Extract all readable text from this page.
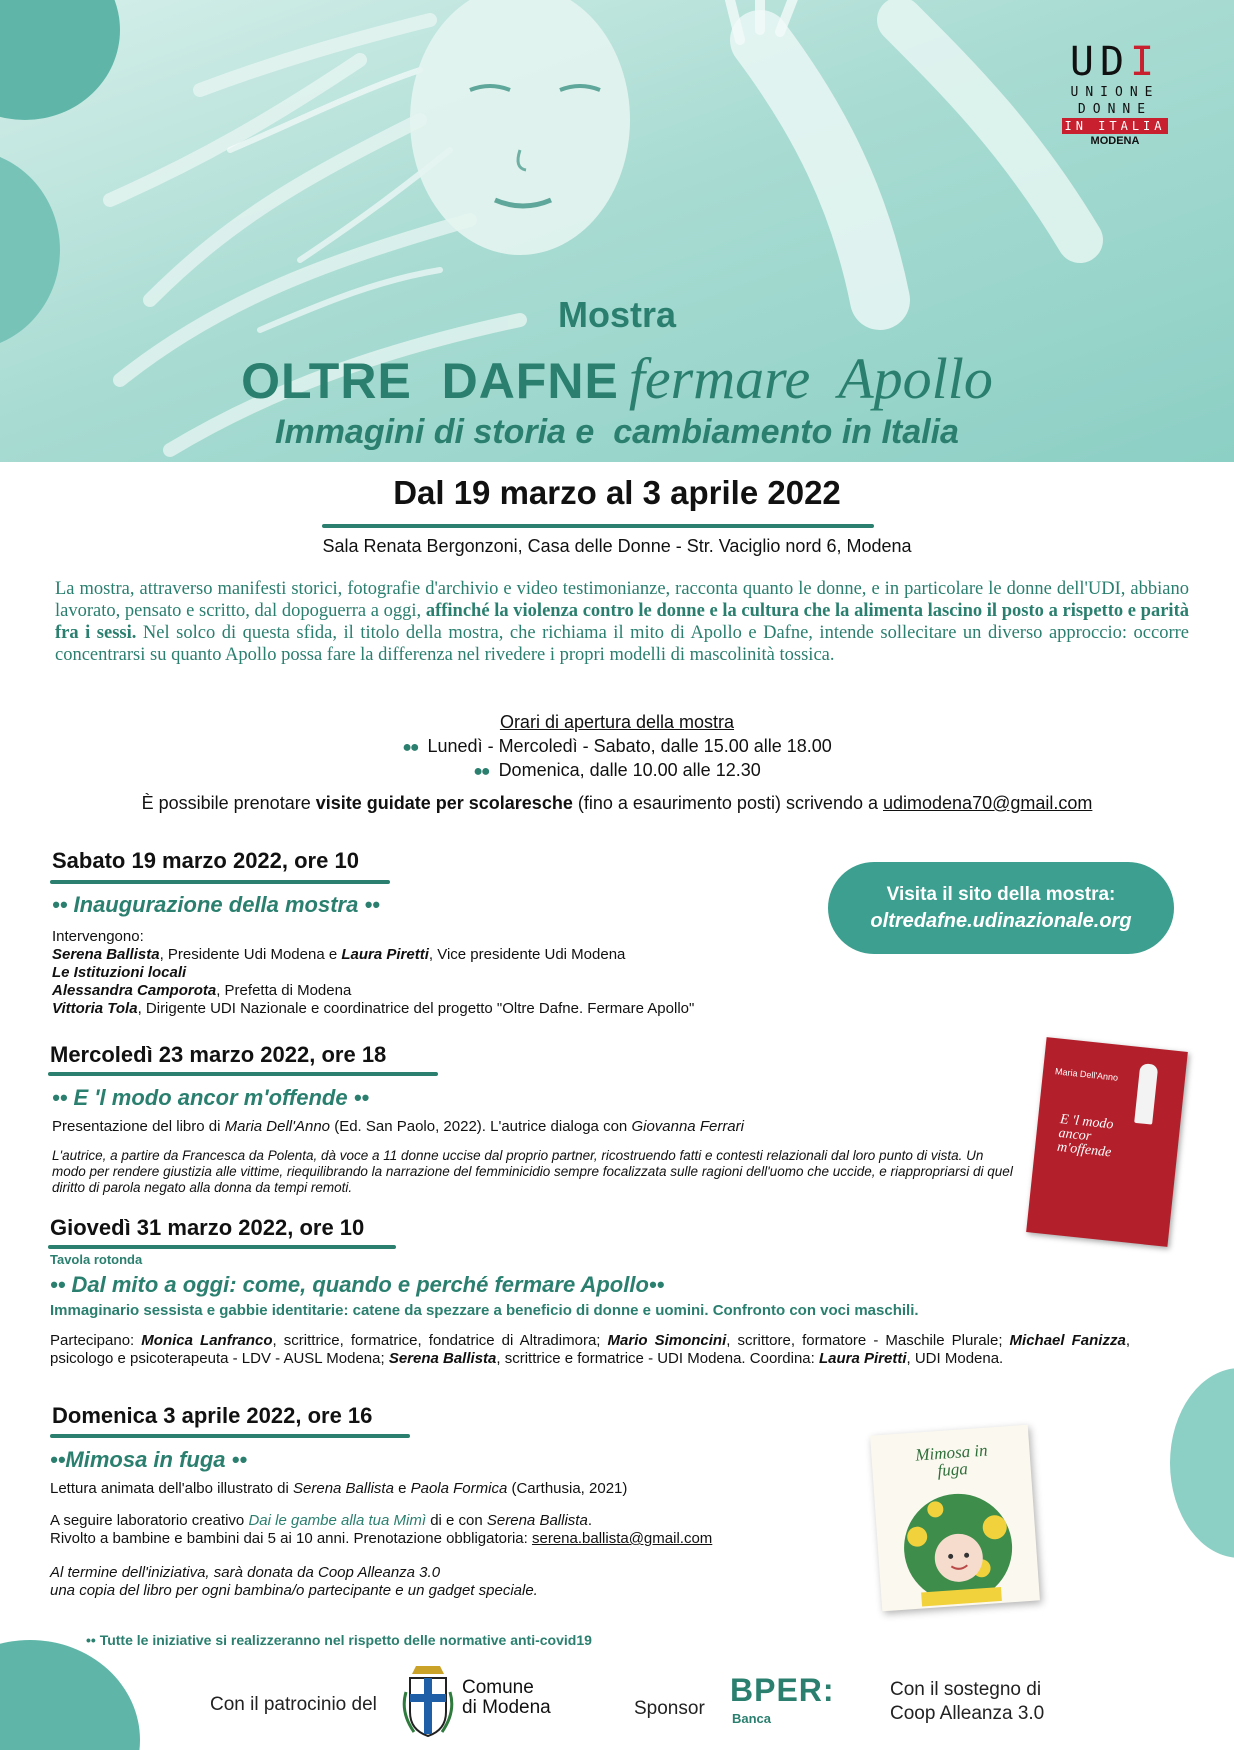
UDI
UNIONE
DONNE
IN ITALIA
MODENA
Mostra
OLTRE  DAFNE fermare  Apollo
Immagini di storia e  cambiamento in Italia
Dal 19 marzo al 3 aprile 2022
Sala Renata Bergonzoni, Casa delle Donne - Str. Vaciglio nord 6, Modena
La mostra, attraverso manifesti storici, fotografie d'archivio e video testimonianze, racconta quanto le donne, e in particolare le donne dell'UDI, abbiano lavorato, pensato e scritto, dal dopoguerra a oggi, affinché la violenza contro le donne e la cultura che la alimenta lascino il posto a rispetto e parità fra i sessi. Nel solco di questa sfida, il titolo della mostra, che richiama il mito di Apollo e Dafne, intende sollecitare un diverso approccio: occorre concentrarsi su quanto Apollo possa fare la differenza nel rivedere i propri modelli di mascolinità tossica.
Orari di apertura della mostra
●● Lunedì - Mercoledì - Sabato, dalle 15.00 alle 18.00
●● Domenica, dalle 10.00 alle 12.30
È possibile prenotare visite guidate per scolaresche (fino a esaurimento posti) scrivendo a udimodena70@gmail.com
Sabato 19 marzo 2022, ore 10
•• Inaugurazione della mostra ••
Intervengono:
Serena Ballista, Presidente Udi Modena e Laura Piretti, Vice presidente Udi Modena
Le Istituzioni locali
Alessandra Camporota, Prefetta di Modena
Vittoria Tola, Dirigente UDI Nazionale e coordinatrice del progetto "Oltre Dafne. Fermare Apollo"
Visita il sito della mostra:
oltredafne.udinazionale.org
Mercoledì 23 marzo 2022, ore 18
•• E 'l modo ancor m'offende ••
Presentazione del libro di Maria Dell'Anno (Ed. San Paolo, 2022). L'autrice dialoga con Giovanna Ferrari
L'autrice, a partire da Francesca da Polenta, dà voce a 11 donne uccise dal proprio partner, ricostruendo fatti e contesti relazionali dal loro punto di vista. Un modo per rendere giustizia alle vittime, riequilibrando la narrazione del femminicidio sempre focalizzata sulle ragioni dell'uomo che uccide, e riappropriarsi di quel diritto di parola negato alla donna da tempi remoti.
Maria Dell'Anno
E 'l modo ancor m'offende
Giovedì 31 marzo 2022, ore 10
Tavola rotonda
•• Dal mito a oggi: come, quando e perché fermare Apollo••
Immaginario sessista e gabbie identitarie: catene da spezzare a beneficio di donne e uomini. Confronto con voci maschili.
Partecipano: Monica Lanfranco, scrittrice, formatrice, fondatrice di Altradimora; Mario Simoncini, scrittore, formatore - Maschile Plurale; Michael Fanizza, psicologo e psicoterapeuta - LDV - AUSL Modena; Serena Ballista, scrittrice e formatrice - UDI Modena. Coordina: Laura Piretti, UDI Modena.
Domenica 3 aprile 2022, ore 16
••Mimosa in fuga ••
Lettura animata dell'albo illustrato di Serena Ballista e Paola Formica (Carthusia, 2021)
A seguire laboratorio creativo Dai le gambe alla tua Mimì di e con Serena Ballista.
Rivolto a bambine e bambini dai 5 ai 10 anni. Prenotazione obbligatoria: serena.ballista@gmail.com
Al termine dell'iniziativa, sarà donata da Coop Alleanza 3.0
una copia del libro per ogni bambina/o partecipante e un gadget speciale.
Mimosa in fuga
•• Tutte le iniziative si realizzeranno nel rispetto delle normative anti-covid19
Con il patrocinio del
Comune
di Modena	Sponsor
BPER:
Banca
Con il sostegno di
Coop Alleanza 3.0
